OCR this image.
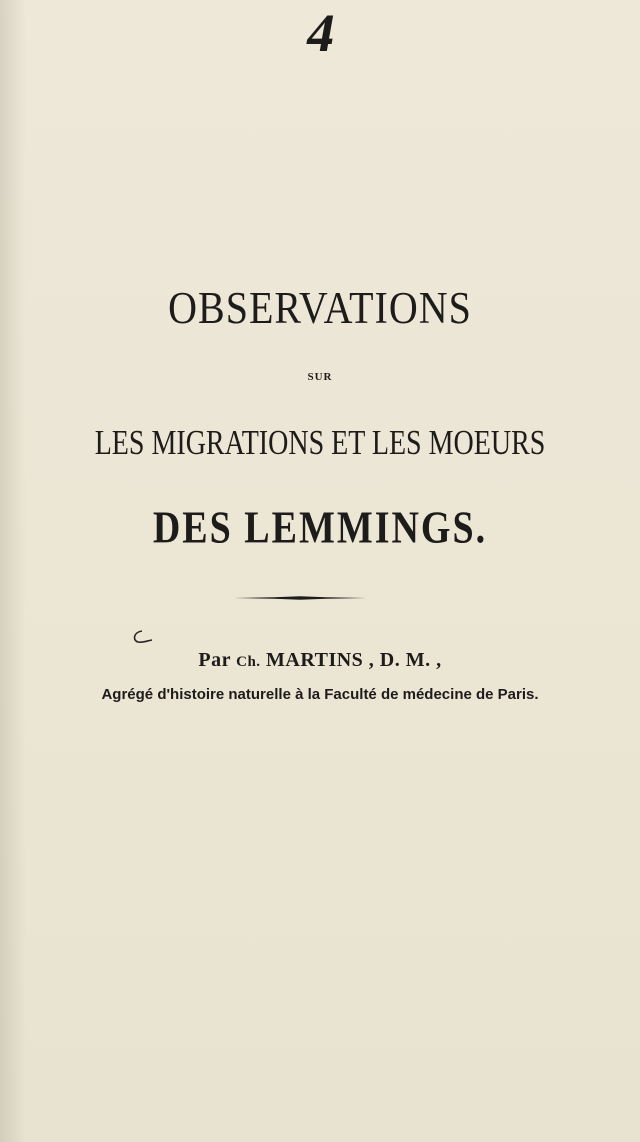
4
OBSERVATIONS
SUR
LES MIGRATIONS ET LES MOEURS
DES LEMMINGS.
Par Ch. MARTINS , D. M. ,
Agrégé d'histoire naturelle à la Faculté de médecine de Paris.
